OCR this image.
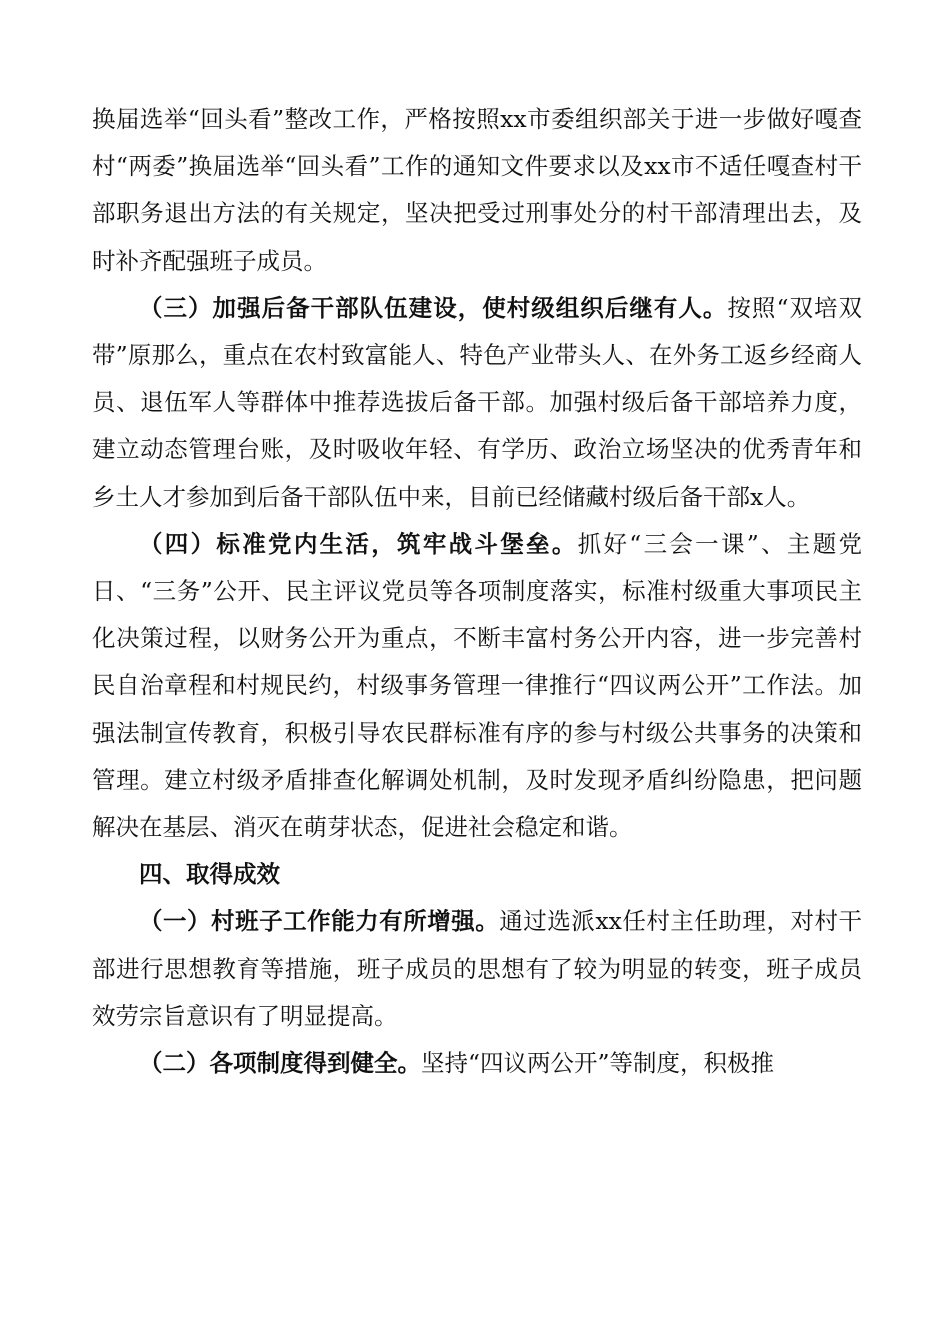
换届选举“回头看”整改工作，严格按照xx市委组织部关于进一步做好嘎查村“两委”换届选举“回头看”工作的通知文件要求以及xx市不适任嘎查村干部职务退出方法的有关规定，坚决把受过刑事处分的村干部清理出去，及时补齐配强班子成员。

（三）加强后备干部队伍建设，使村级组织后继有人。按照“双培双带”原那么，重点在农村致富能人、特色产业带头人、在外务工返乡经商人员、退伍军人等群体中推荐选拔后备干部。加强村级后备干部培养力度，建立动态管理台账，及时吸收年轻、有学历、政治立场坚决的优秀青年和乡土人才参加到后备干部队伍中来，目前已经储藏村级后备干部x人。

（四）标准党内生活，筑牢战斗堡垒。抓好“三会一课”、主题党日、“三务”公开、民主评议党员等各项制度落实，标准村级重大事项民主化决策过程，以财务公开为重点，不断丰富村务公开内容，进一步完善村民自治章程和村规民约，村级事务管理一律推行“四议两公开”工作法。加强法制宣传教育，积极引导农民群标准有序的参与村级公共事务的决策和管理。建立村级矛盾排查化解调处机制，及时发现矛盾纠纷隐患，把问题解决在基层、消灭在萌芽状态，促进社会稳定和谐。

四、取得成效

（一）村班子工作能力有所增强。通过选派xx任村主任助理，对村干部进行思想教育等措施，班子成员的思想有了较为明显的转变，班子成员效劳宗旨意识有了明显提高。

（二）各项制度得到健全。坚持“四议两公开”等制度，积极推
